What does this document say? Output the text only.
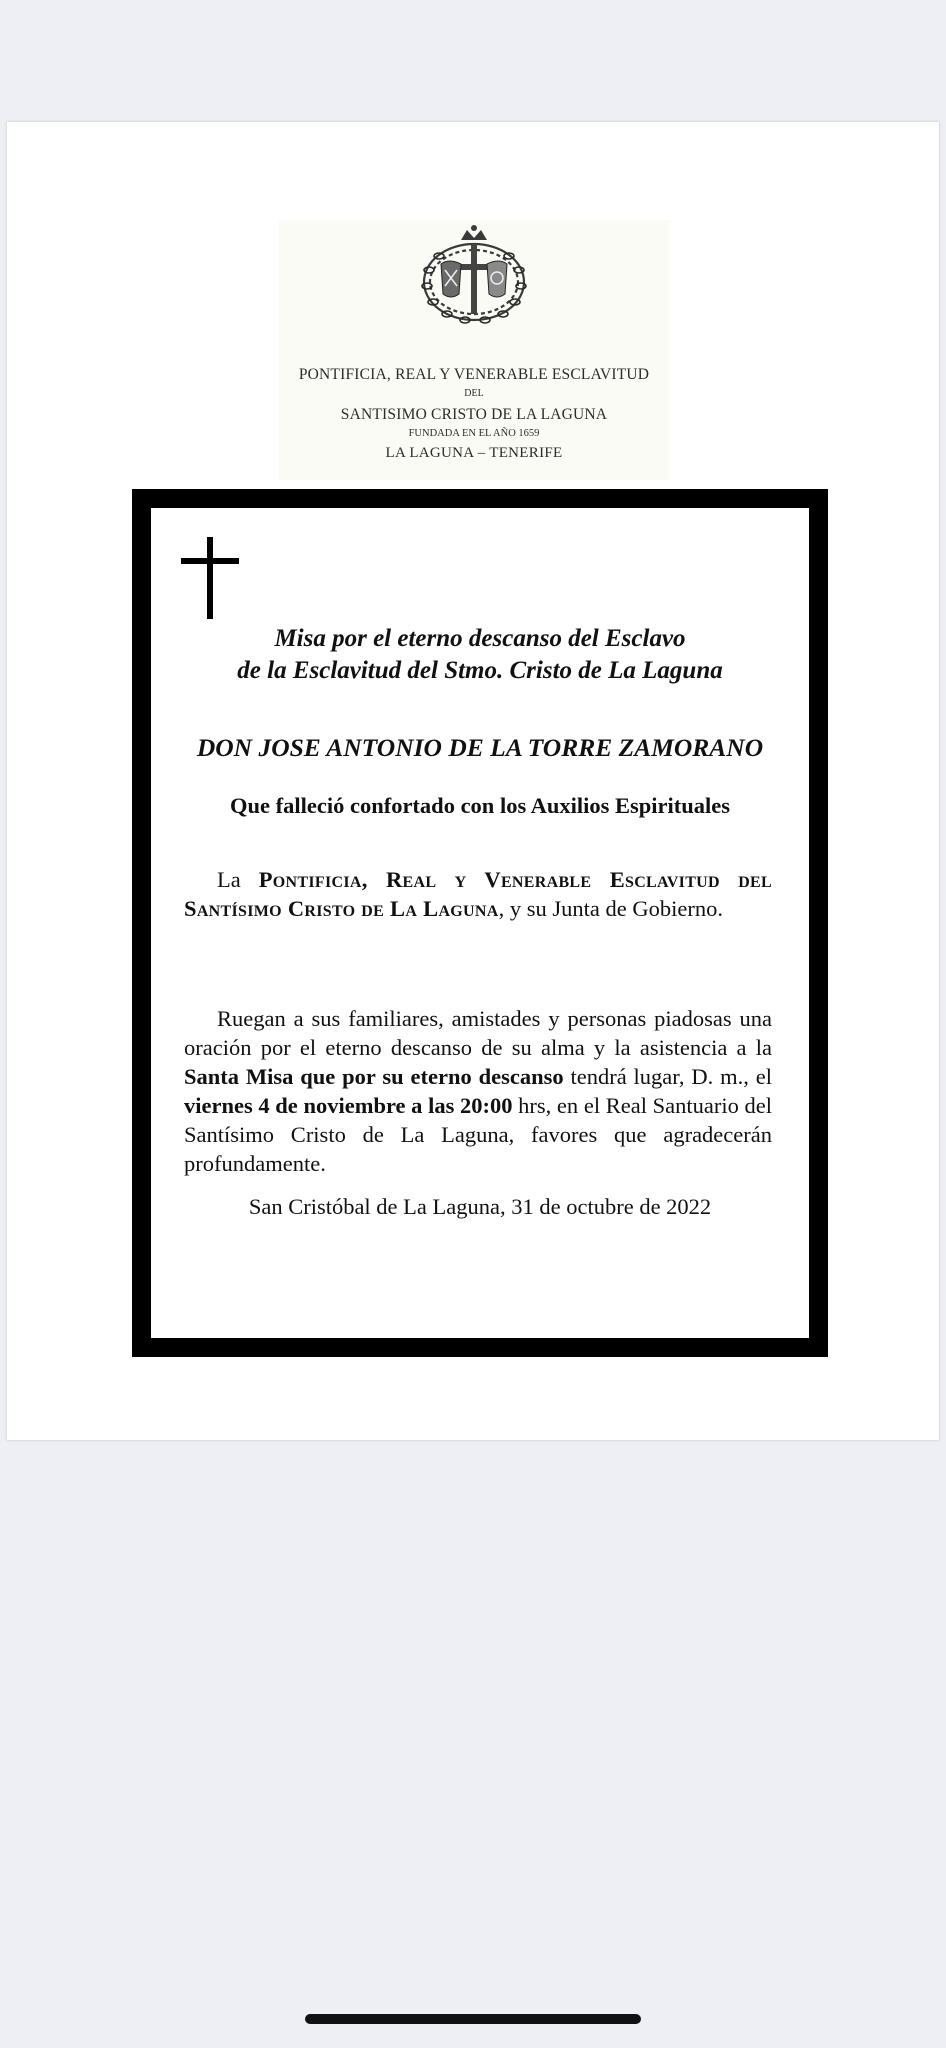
PONTIFICIA, REAL Y VENERABLE ESCLAVITUD
DEL
SANTISIMO CRISTO DE LA LAGUNA
FUNDADA EN EL AÑO 1659
LA LAGUNA – TENERIFE
Misa por el eterno descanso del Esclavo
de la Esclavitud del Stmo. Cristo de La Laguna
DON JOSE ANTONIO DE LA TORRE ZAMORANO
Que falleció confortado con los Auxilios Espirituales
La Pontificia, Real y Venerable Esclavitud del Santísimo Cristo de La Laguna, y su Junta de Gobierno.
Ruegan a sus familiares, amistades y personas piadosas una oración por el eterno descanso de su alma y la asistencia a la Santa Misa que por su eterno descanso tendrá lugar, D. m., el viernes 4 de noviembre a las 20:00 hrs, en el Real Santuario del Santísimo Cristo de La Laguna, favores que agradecerán profundamente.
San Cristóbal de La Laguna, 31 de octubre de 2022
